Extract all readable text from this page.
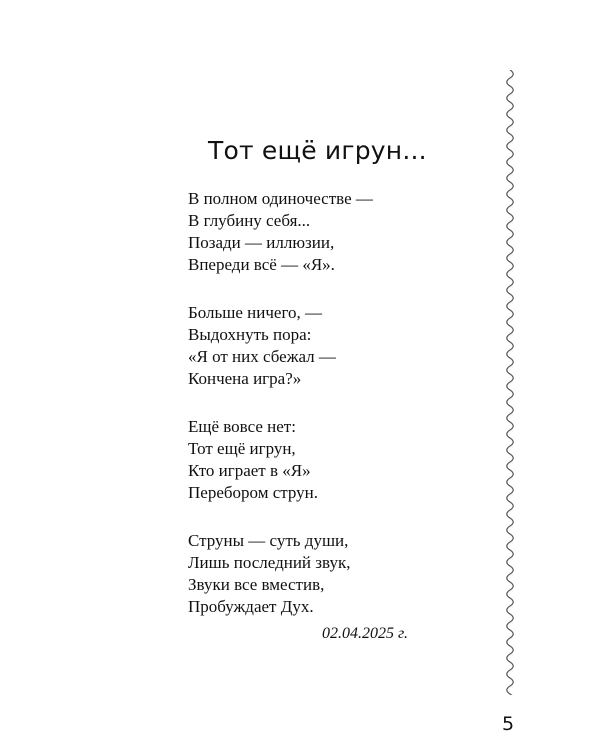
Тот ещё игрун...
В полном одиночестве —
В глубину себя...
Позади — иллюзии,
Впереди всё — «Я».
Больше ничего, —
Выдохнуть пора:
«Я от них сбежал —
Кончена игра?»
Ещё вовсе нет:
Тот ещё игрун,
Кто играет в «Я»
Перебором струн.
Струны — суть души,
Лишь последний звук,
Звуки все вместив,
Пробуждает Дух.
02.04.2025 г.
5
